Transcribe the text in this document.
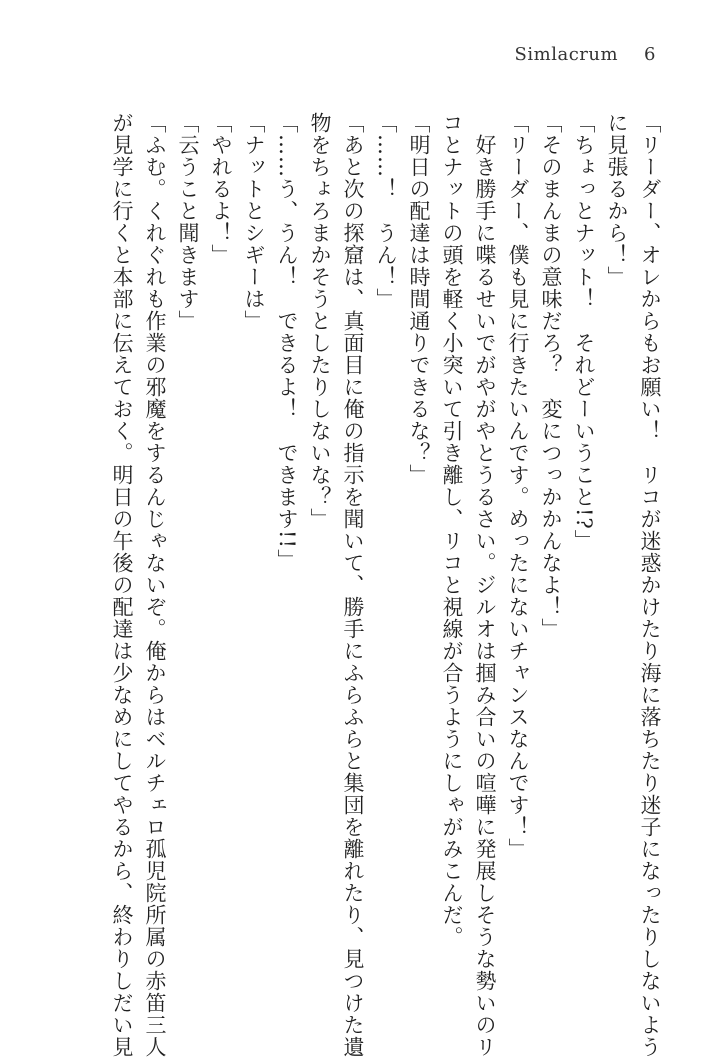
Simlacrum 6
「リーダー、オレからもお願い！　リコが迷惑かけたり海に落ちたり迷子になったりしないよう
に見張るから！」
「ちょっとナット！　それどーいうこと!?」
「そのまんまの意味だろ？　変につっかかんなよ！」
「リーダー、僕も見に行きたいんです。めったにないチャンスなんです！」
　好き勝手に喋るせいでがやがやとうるさい。ジルオは掴み合いの喧嘩に発展しそうな勢いのリ
コとナットの頭を軽く小突いて引き離し、リコと視線が合うようにしゃがみこんだ。
「明日の配達は時間通りできるな？」
「……！　うん！」
「あと次の探窟は、真面目に俺の指示を聞いて、勝手にふらふらと集団を離れたり、見つけた遺
物をちょろまかそうとしたりしないな？」
「……う、うん！　できるよ！　できます!!」
「ナットとシギーは」
「やれるよ！」
「云うこと聞きます」
「ふむ。くれぐれも作業の邪魔をするんじゃないぞ。俺からはベルチェロ孤児院所属の赤笛三人
が見学に行くと本部に伝えておく。明日の午後の配達は少なめにしてやるから、終わりしだい見
